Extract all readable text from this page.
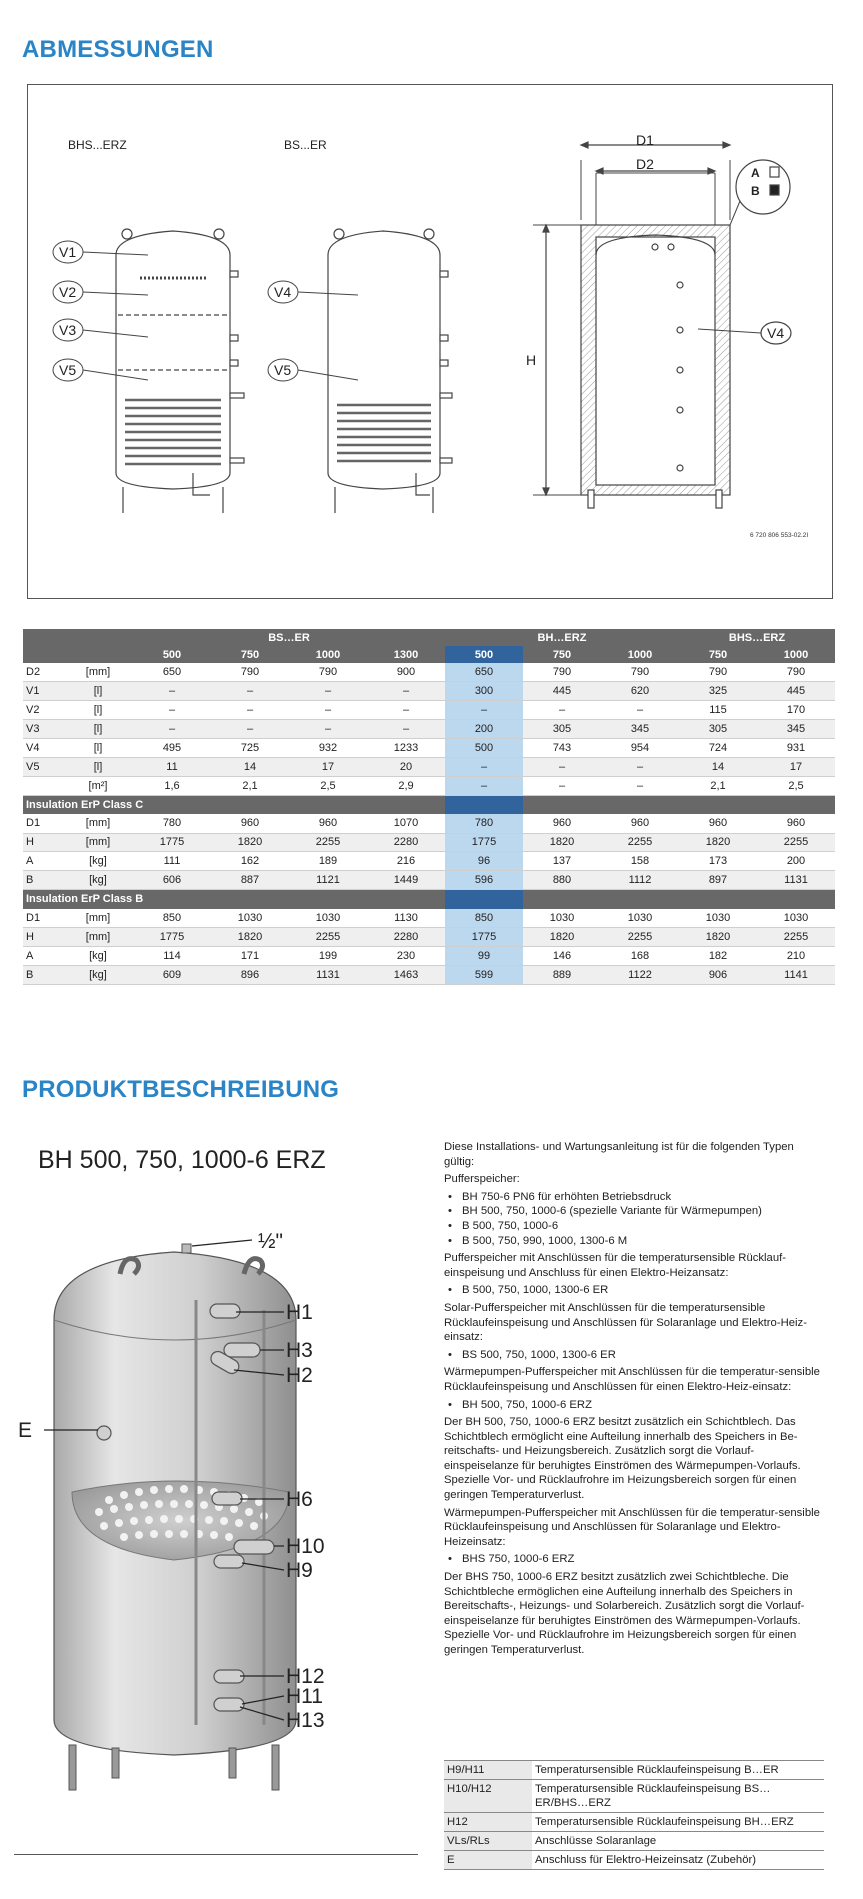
ABMESSUNGEN
BHS...ERZ
V1
V2
V3
V5
BS...ER
V4
V5
D1
D2
H
A
B
V4
6 720 806 553-02.2I
		BS…ER				BH…ERZ			BHS…ERZ	
		500	750	1000	1300	500	750	1000	750	1000
D2	[mm]	650	790	790	900	650	790	790	790	790
V1	[l]	–	–	–	–	300	445	620	325	445
V2	[l]	–	–	–	–	–	–	–	115	170
V3	[l]	–	–	–	–	200	305	345	305	345
V4	[l]	495	725	932	1233	500	743	954	724	931
V5	[l]	11	14	17	20	–	–	–	14	17
	[m²]	1,6	2,1	2,5	2,9	–	–	–	2,1	2,5
Insulation ErP Class C										
D1	[mm]	780	960	960	1070	780	960	960	960	960
H	[mm]	1775	1820	2255	2280	1775	1820	2255	1820	2255
A	[kg]	111	162	189	216	96	137	158	173	200
B	[kg]	606	887	1121	1449	596	880	1112	897	1131
Insulation ErP Class B										
D1	[mm]	850	1030	1030	1130	850	1030	1030	1030	1030
H	[mm]	1775	1820	2255	2280	1775	1820	2255	1820	2255
A	[kg]	114	171	199	230	99	146	168	182	210
B	[kg]	609	896	1131	1463	599	889	1122	906	1141
PRODUKTBESCHREIBUNG
BH 500, 750, 1000-6 ERZ
½"
H1
H3
H2
E
H6
H10
H9
H12
H11
H13

Diese Installations- und Wartungsanleitung ist für die folgenden Typen gültig:

Pufferspeicher:

• BH 750-6 PN6 für erhöhten Betriebsdruck
• BH 500, 750, 1000-6 (spezielle Variante für Wärmepumpen)
• B 500, 750, 1000-6
• B 500, 750, 990, 1000, 1300-6 M

Pufferspeicher mit Anschlüssen für die temperatursensible Rücklauf-einspeisung und Anschluss für einen Elektro-Heizansatz:

• B 500, 750, 1000, 1300-6 ER

Solar-Pufferspeicher mit Anschlüssen für die temperatursensible Rücklaufeinspeisung und Anschlüssen für Solaranlage und Elektro-Heiz-einsatz:

• BS 500, 750, 1000, 1300-6 ER

Wärmepumpen-Pufferspeicher mit Anschlüssen für die temperatur-sensible Rücklaufeinspeisung und Anschlüssen für einen Elektro-Heiz-einsatz:

• BH 500, 750, 1000-6 ERZ

Der BH 500, 750, 1000-6 ERZ besitzt zusätzlich ein Schichtblech. Das Schichtblech ermöglicht eine Aufteilung innerhalb des Speichers in Be-reitschafts- und Heizungsbereich. Zusätzlich sorgt die Vorlauf-einspeiselanze für beruhigtes Einströmen des Wärmepumpen-Vorlaufs. Spezielle Vor- und Rücklaufrohre im Heizungsbereich sorgen für einen geringen Temperaturverlust.

Wärmepumpen-Pufferspeicher mit Anschlüssen für die temperatur-sensible Rücklaufeinspeisung und Anschlüssen für Solaranlage und Elektro-Heizeinsatz:

• BHS 750, 1000-6 ERZ

Der BHS 750, 1000-6 ERZ besitzt zusätzlich zwei Schichtbleche. Die Schichtbleche ermöglichen eine Aufteilung innerhalb des Speichers in Bereitschafts-, Heizungs- und Solarbereich. Zusätzlich sorgt die Vorlauf-einspeiselanze für beruhigtes Einströmen des Wärmepumpen-Vorlaufs. Spezielle Vor- und Rücklaufrohre im Heizungsbereich sorgen für einen geringen Temperaturverlust.

H9/H11	Temperatursensible Rücklaufeinspeisung B…ER
H10/H12	Temperatursensible Rücklaufeinspeisung BS…ER/BHS…ERZ
H12	Temperatursensible Rücklaufeinspeisung BH…ERZ
VLs/RLs	Anschlüsse Solaranlage
E	Anschluss für Elektro-Heizeinsatz (Zubehör)
